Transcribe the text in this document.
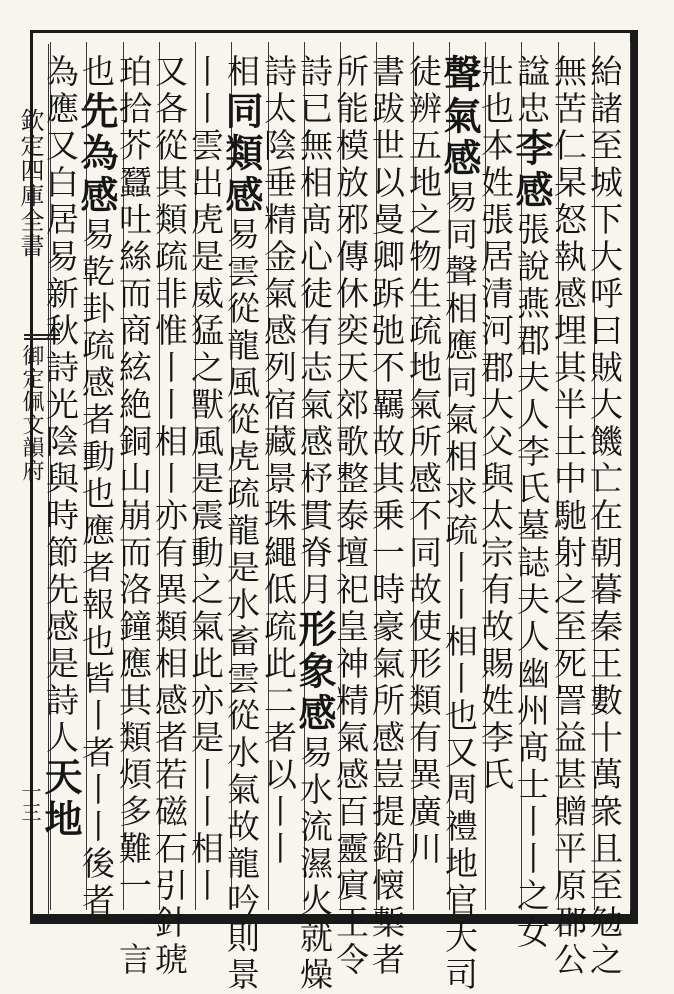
欽定四庫全書
御定佩文韻府
十三	紿諸至城下大呼曰賊大饑亡在朝暮秦王數十萬衆且至勉之
無苦仁杲怒執感埋其半土中馳射之至死詈益甚贈平原郡公
諡忠李感張說燕郡夫人李氏墓誌夫人幽州髙士丨丨之女
壯也本姓張居清河郡大父與太宗有故賜姓李氏
聲氣感易同聲相應同氣相求疏丨丨相丨也又周禮地官大司
徒辨五地之物生疏地氣所感不同故使形類有異廣川
書跋世以曼卿跅弛不羈故其乗一時豪氣所感豈提鉛懐槧者
所能模放邪傳休奕天郊歌整泰壇祀皇神精氣感百靈賔王令
詩已無相髙心徒有志氣感杼貫脊月形象感易水流濕火就燥
詩太陰垂精金氣感列宿藏景珠繩低疏此二者以丨丨
相同類感易雲從龍風從虎疏龍是水畜雲從水氣故龍吟則景
丨丨雲出虎是威猛之獸風是震動之氣此亦是丨丨相丨
又各從其類疏非惟丨丨相丨亦有異類相感者若磁石引針琥
珀拾芥蠶吐絲而商絃絶銅山崩而洛鐘應其類煩多難一一言
也先為感易乾卦疏感者動也應者報也皆丨者丨丨後者
為應又白居易新秋詩光陰與時節先感是詩人天地
